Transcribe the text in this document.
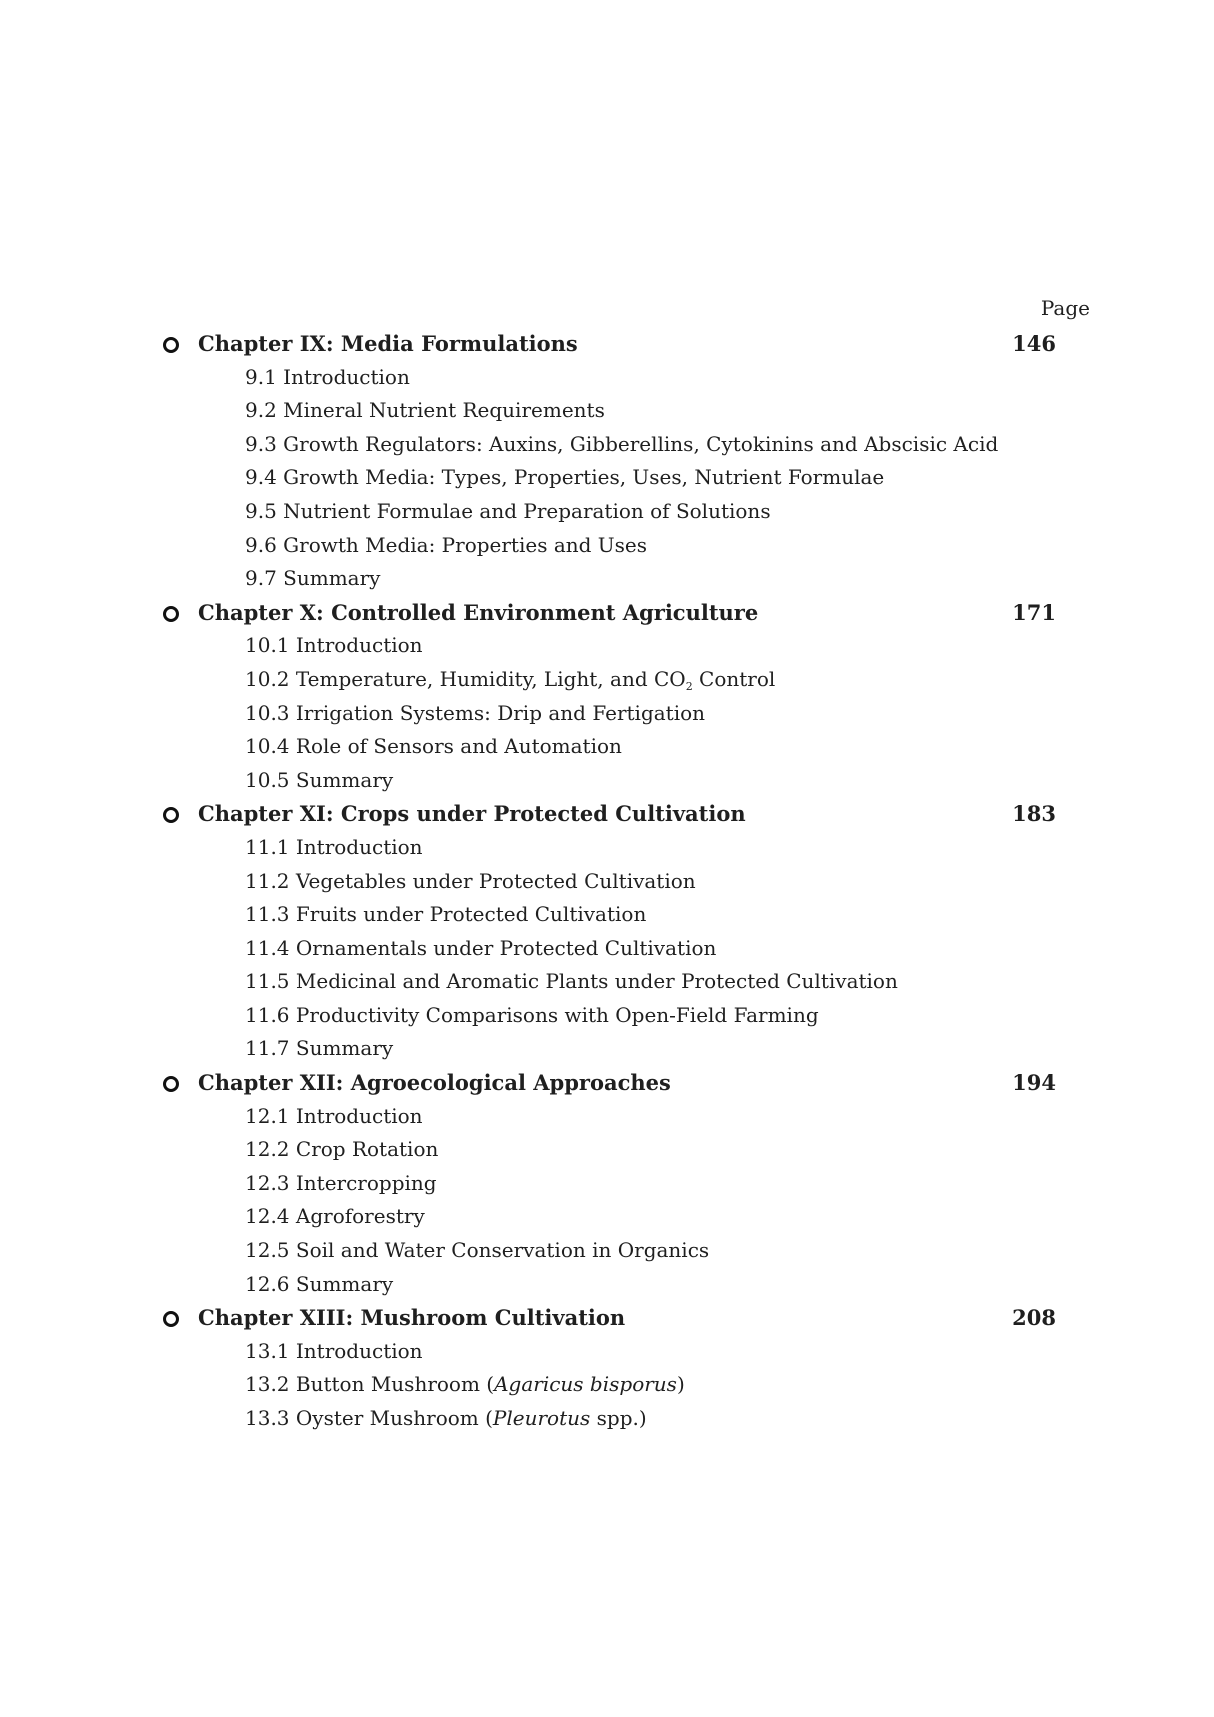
Page
Chapter IX: Media Formulations	146
9.1 Introduction
9.2 Mineral Nutrient Requirements
9.3 Growth Regulators: Auxins, Gibberellins, Cytokinins and Abscisic Acid
9.4 Growth Media: Types, Properties, Uses, Nutrient Formulae
9.5 Nutrient Formulae and Preparation of Solutions
9.6 Growth Media: Properties and Uses
9.7 Summary
Chapter X: Controlled Environment Agriculture	171
10.1 Introduction
10.2 Temperature, Humidity, Light, and $CO_2$ Control
10.3 Irrigation Systems: Drip and Fertigation
10.4 Role of Sensors and Automation
10.5 Summary
Chapter XI: Crops under Protected Cultivation	183
11.1 Introduction
11.2 Vegetables under Protected Cultivation
11.3 Fruits under Protected Cultivation
11.4 Ornamentals under Protected Cultivation
11.5 Medicinal and Aromatic Plants under Protected Cultivation
11.6 Productivity Comparisons with Open-Field Farming
11.7 Summary
Chapter XII: Agroecological Approaches	194
12.1 Introduction
12.2 Crop Rotation
12.3 Intercropping
12.4 Agroforestry
12.5 Soil and Water Conservation in Organics
12.6 Summary
Chapter XIII: Mushroom Cultivation	208
13.1 Introduction
13.2 Button Mushroom (Agaricus bisporus)
13.3 Oyster Mushroom (Pleurotus spp.)
